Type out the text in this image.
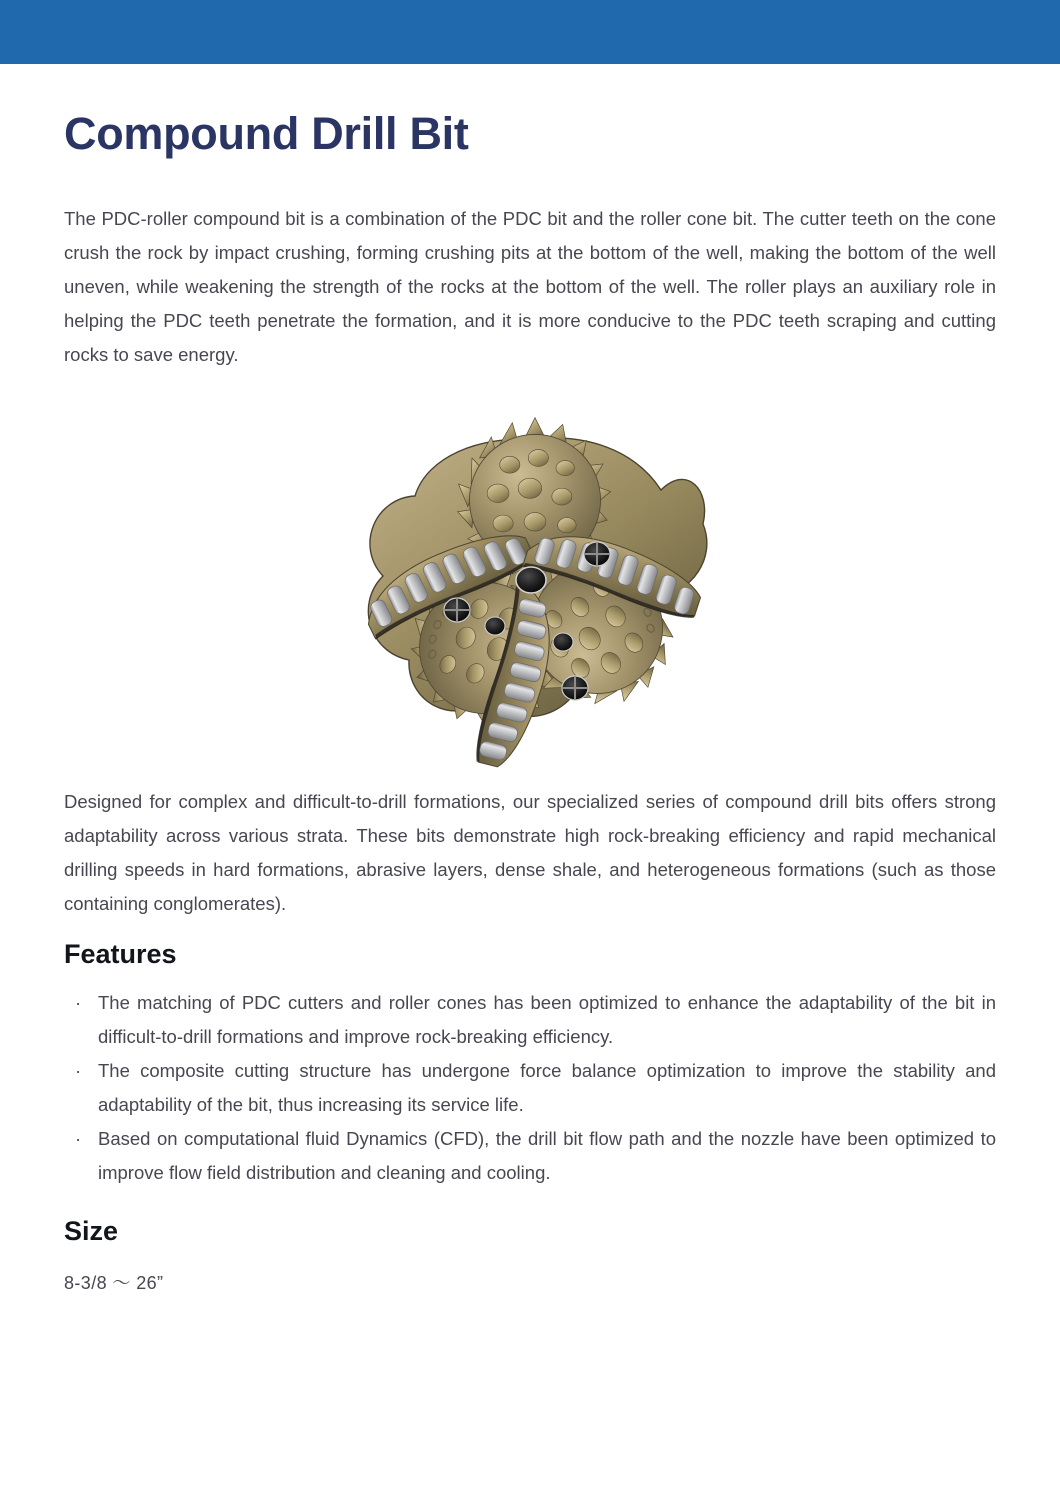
Compound Drill Bit

The PDC-roller compound bit is a combination of the PDC bit and the roller cone bit. The cutter teeth on the cone crush the rock by impact crushing, forming crushing pits at the bottom of the well, making the bottom of the well uneven, while weakening the strength of the rocks at the bottom of the well. The roller plays an auxiliary role in helping the PDC teeth penetrate the formation, and it is more conducive to the PDC teeth scraping and cutting rocks to save energy.

Designed for complex and difficult-to-drill formations, our specialized series of compound drill bits offers strong adaptability across various strata. These bits demonstrate high rock-breaking efficiency and rapid mechanical drilling speeds in hard formations, abrasive layers, dense shale, and heterogeneous formations (such as those containing conglomerates).

Features
· The matching of PDC cutters and roller cones has been optimized to enhance the adaptability of the bit in difficult-to-drill formations and improve rock-breaking efficiency.
· The composite cutting structure has undergone force balance optimization to improve the stability and adaptability of the bit, thus increasing its service life.
· Based on computational fluid Dynamics (CFD), the drill bit flow path and the nozzle have been optimized to improve flow field distribution and cleaning and cooling.
Size

8-3/8 ～ 26”
